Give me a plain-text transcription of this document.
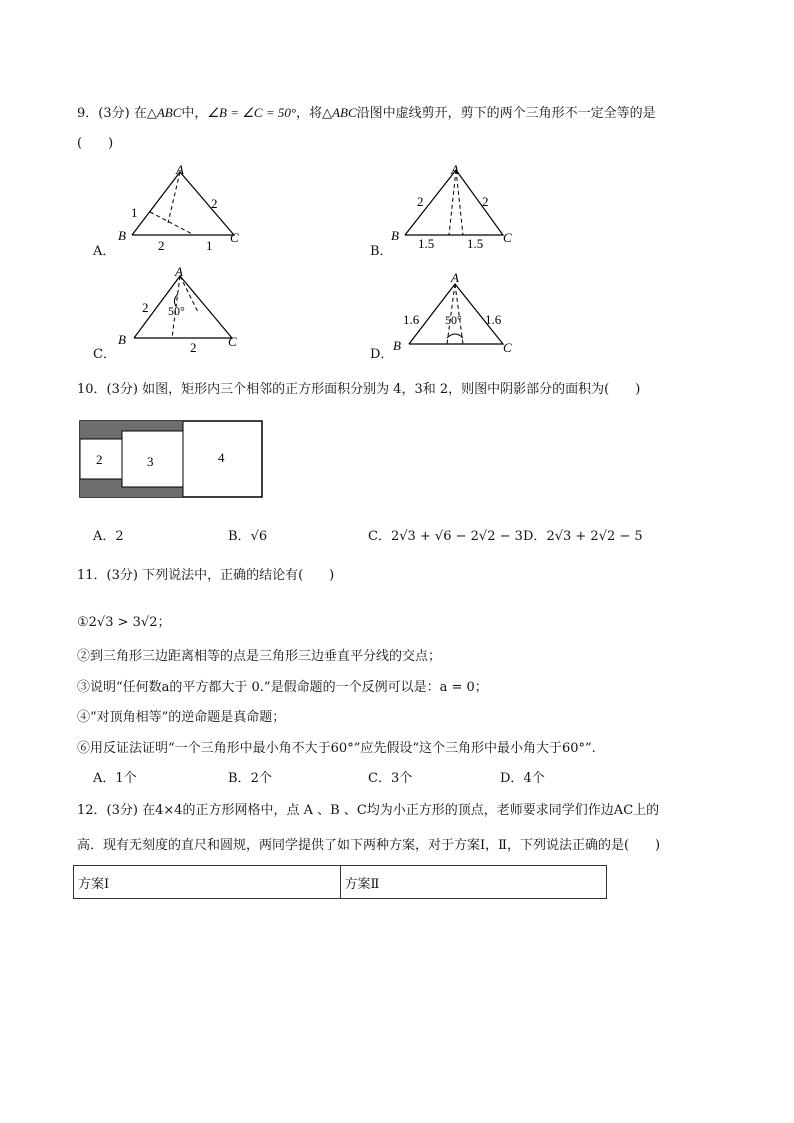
9．(3分) 在△ABC中，∠B = ∠C = 50°，将△ABC沿图中虚线剪开，剪下的两个三角形不一定全等的是
(　　)
A．
A
B	C
1
2
2	1	B．
A
B	C
2	2
1.5	1.5
C．
A
B	C
2
2
50°
D．
A
B	C
1.6	1.6
50°
10．(3分) 如图，矩形内三个相邻的正方形面积分别为 4，3和 2，则图中阴影部分的面积为(　　)
2	3	4
A．2	B．√6	C．2√3 + √6 − 2√2 − 3 D．2√3 + 2√2 − 5
11．(3分) 下列说法中，正确的结论有(　　)
①2√3 > 3√2；
②到三角形三边距离相等的点是三角形三边垂直平分线的交点；
③说明“任何数a的平方都大于 0.”是假命题的一个反例可以是：a = 0；
④“对顶角相等”的逆命题是真命题；
⑥用反证法证明“一个三角形中最小角不大于60°”应先假设“这个三角形中最小角大于60°”.
A．1个	B．2个	C．3个	D．4个
12．(3分) 在4×4的正方形网格中，点 A 、B 、C均为小正方形的顶点，老师要求同学们作边AC上的
高．现有无刻度的直尺和圆规，两同学提供了如下两种方案，对于方案Ⅰ，Ⅱ，下列说法正确的是(　　)
方案Ⅰ	方案Ⅱ
